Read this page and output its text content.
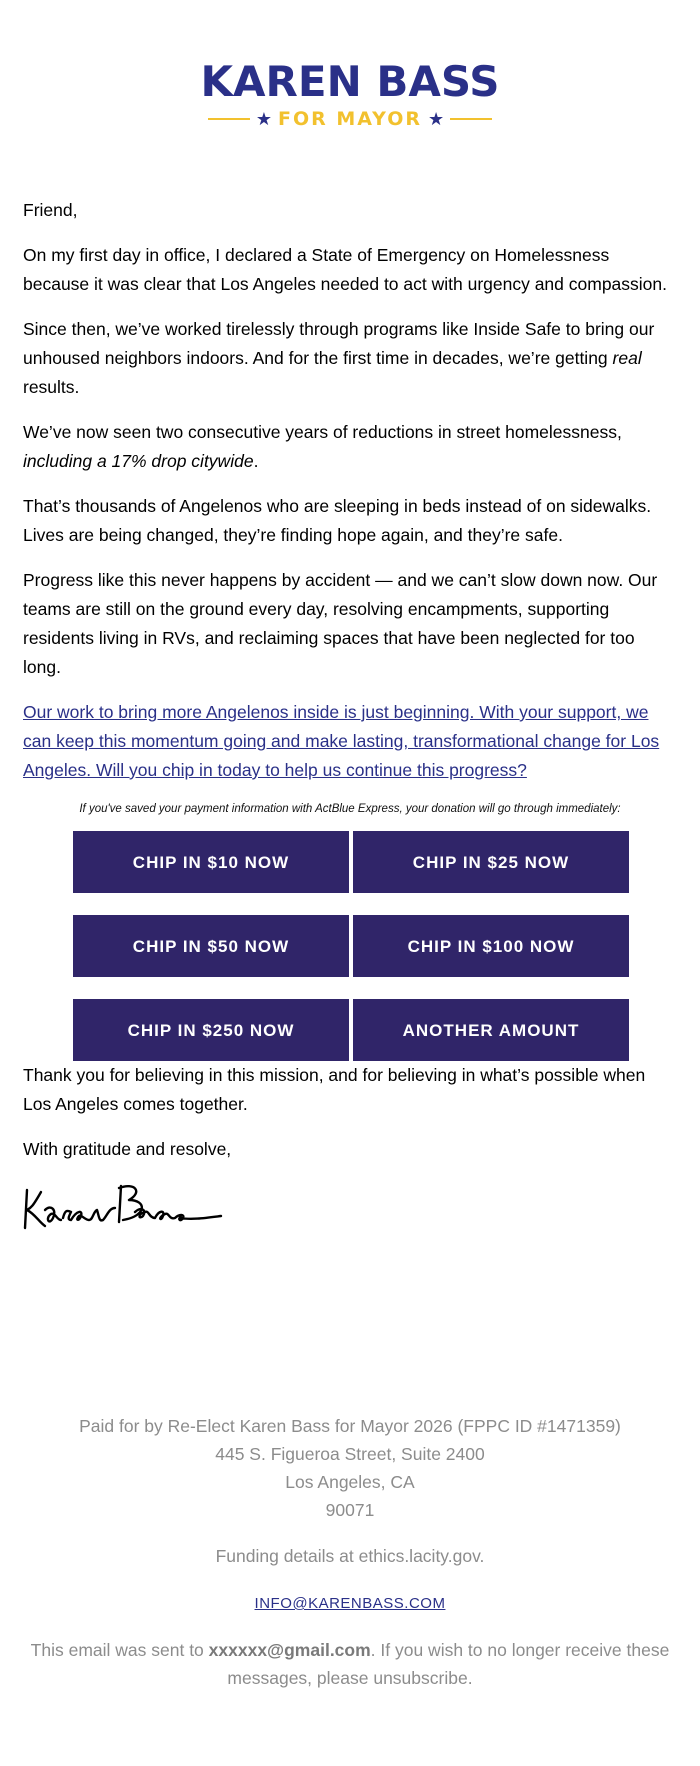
KAREN BASS
★ FOR MAYOR ★

Friend,

On my first day in office, I declared a State of Emergency on Homelessness because it was clear that Los Angeles needed to act with urgency and compassion.

Since then, we’ve worked tirelessly through programs like Inside Safe to bring our unhoused neighbors indoors. And for the first time in decades, we’re getting real results.

We’ve now seen two consecutive years of reductions in street homelessness, including a 17% drop citywide.

That’s thousands of Angelenos who are sleeping in beds instead of on sidewalks. Lives are being changed, they’re finding hope again, and they’re safe.

Progress like this never happens by accident — and we can’t slow down now. Our teams are still on the ground every day, resolving encampments, supporting residents living in RVs, and reclaiming spaces that have been neglected for too long.

Our work to bring more Angelenos inside is just beginning. With your support, we can keep this momentum going and make lasting, transformational change for Los Angeles. Will you chip in today to help us continue this progress?

If you've saved your payment information with ActBlue Express, your donation will go through immediately:
CHIP IN $10 NOW	CHIP IN $25 NOW
CHIP IN $50 NOW	CHIP IN $100 NOW
CHIP IN $250 NOW	ANOTHER AMOUNT

Thank you for believing in this mission, and for believing in what’s possible when Los Angeles comes together.

With gratitude and resolve,

Paid for by Re-Elect Karen Bass for Mayor 2026 (FPPC ID #1471359)
445 S. Figueroa Street, Suite 2400
Los Angeles, CA
90071

Funding details at ethics.lacity.gov.

INFO@KARENBASS.COM

This email was sent to xxxxxx@gmail.com. If you wish to no longer receive these messages, please unsubscribe.
